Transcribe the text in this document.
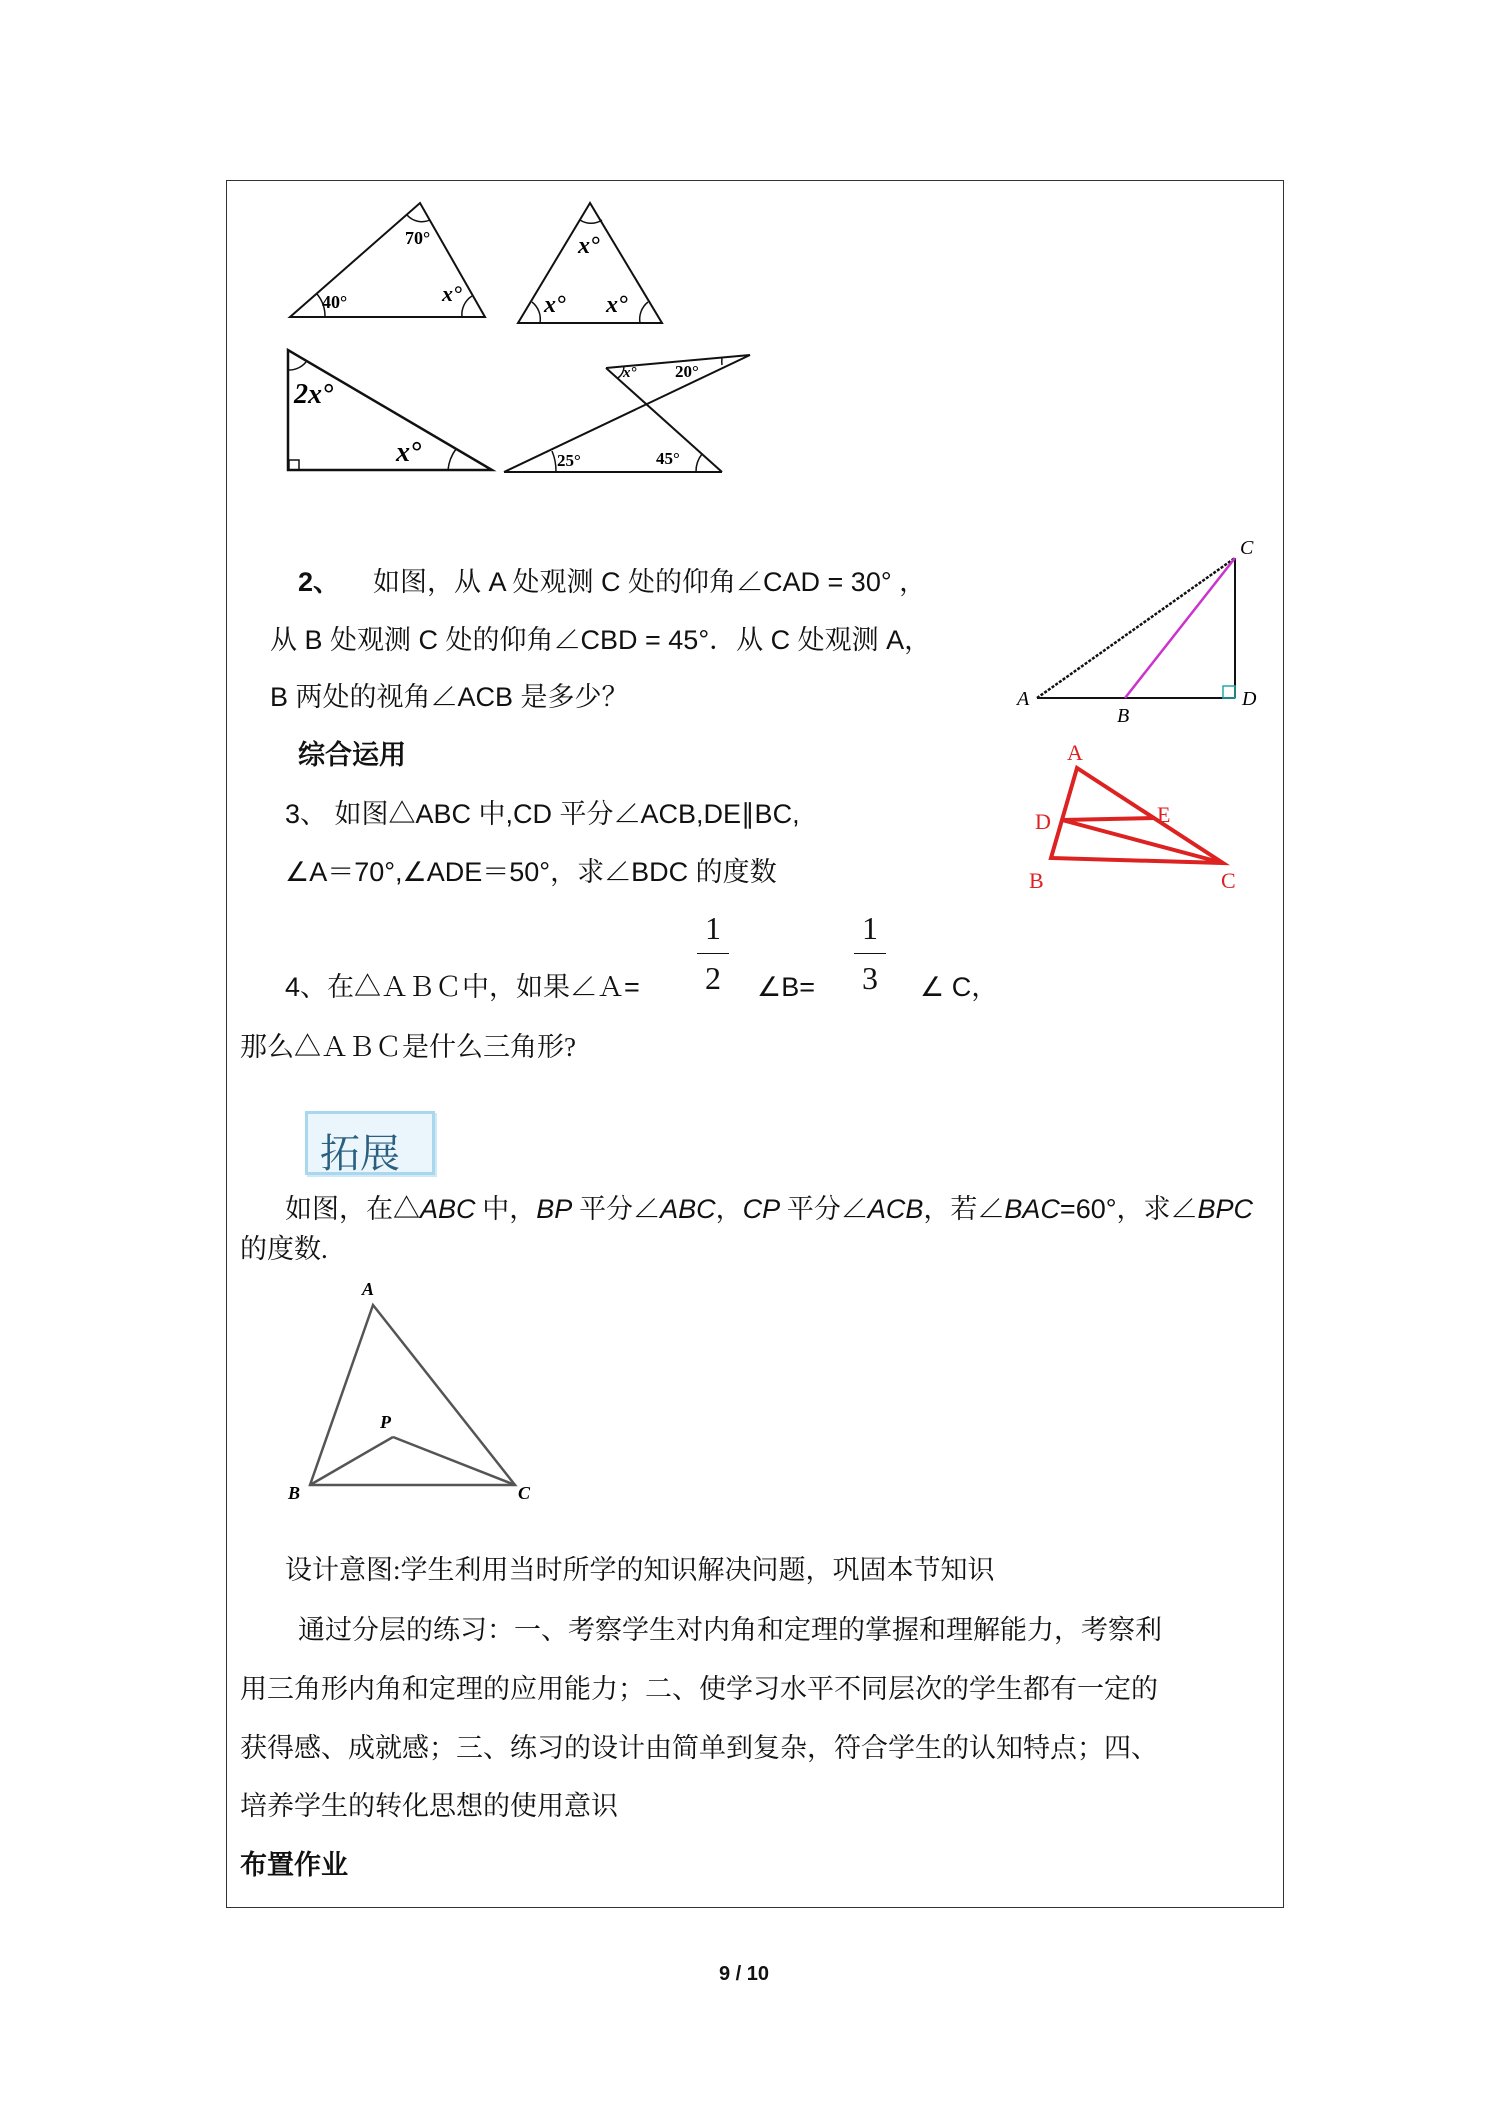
70°
40°	x°
x°
x° x°
2x°
x°
x° 20°
25°	45°
2、 如图，从 A 处观测 C 处的仰角∠CAD = 30° ，
从 B 处观测 C 处的仰角∠CBD = 45°．从 C 处观测 A，
B 两处的视角∠ACB 是多少？	A
B
C
D
综合运用
3、 如图△ABC 中,CD 平分∠ACB,DE∥BC,
∠A＝70°,∠ADE＝50°，求∠BDC 的度数
A
D	E
B	C
4、在△ＡＢＣ中，如果∠Ａ=
1
2	∠B=
1
3	∠ C，
那么△ＡＢＣ是什么三角形?
拓展
如图，在△ABC 中，BP 平分∠ABC，CP 平分∠ACB，若∠BAC=60°，求∠BPC
的度数.
A
P
B	C
设计意图:学生利用当时所学的知识解决问题，巩固本节知识
通过分层的练习：一、考察学生对内角和定理的掌握和理解能力，考察利
用三角形内角和定理的应用能力；二、使学习水平不同层次的学生都有一定的
获得感、成就感；三、练习的设计由简单到复杂，符合学生的认知特点；四、
培养学生的转化思想的使用意识
布置作业
9 / 10
